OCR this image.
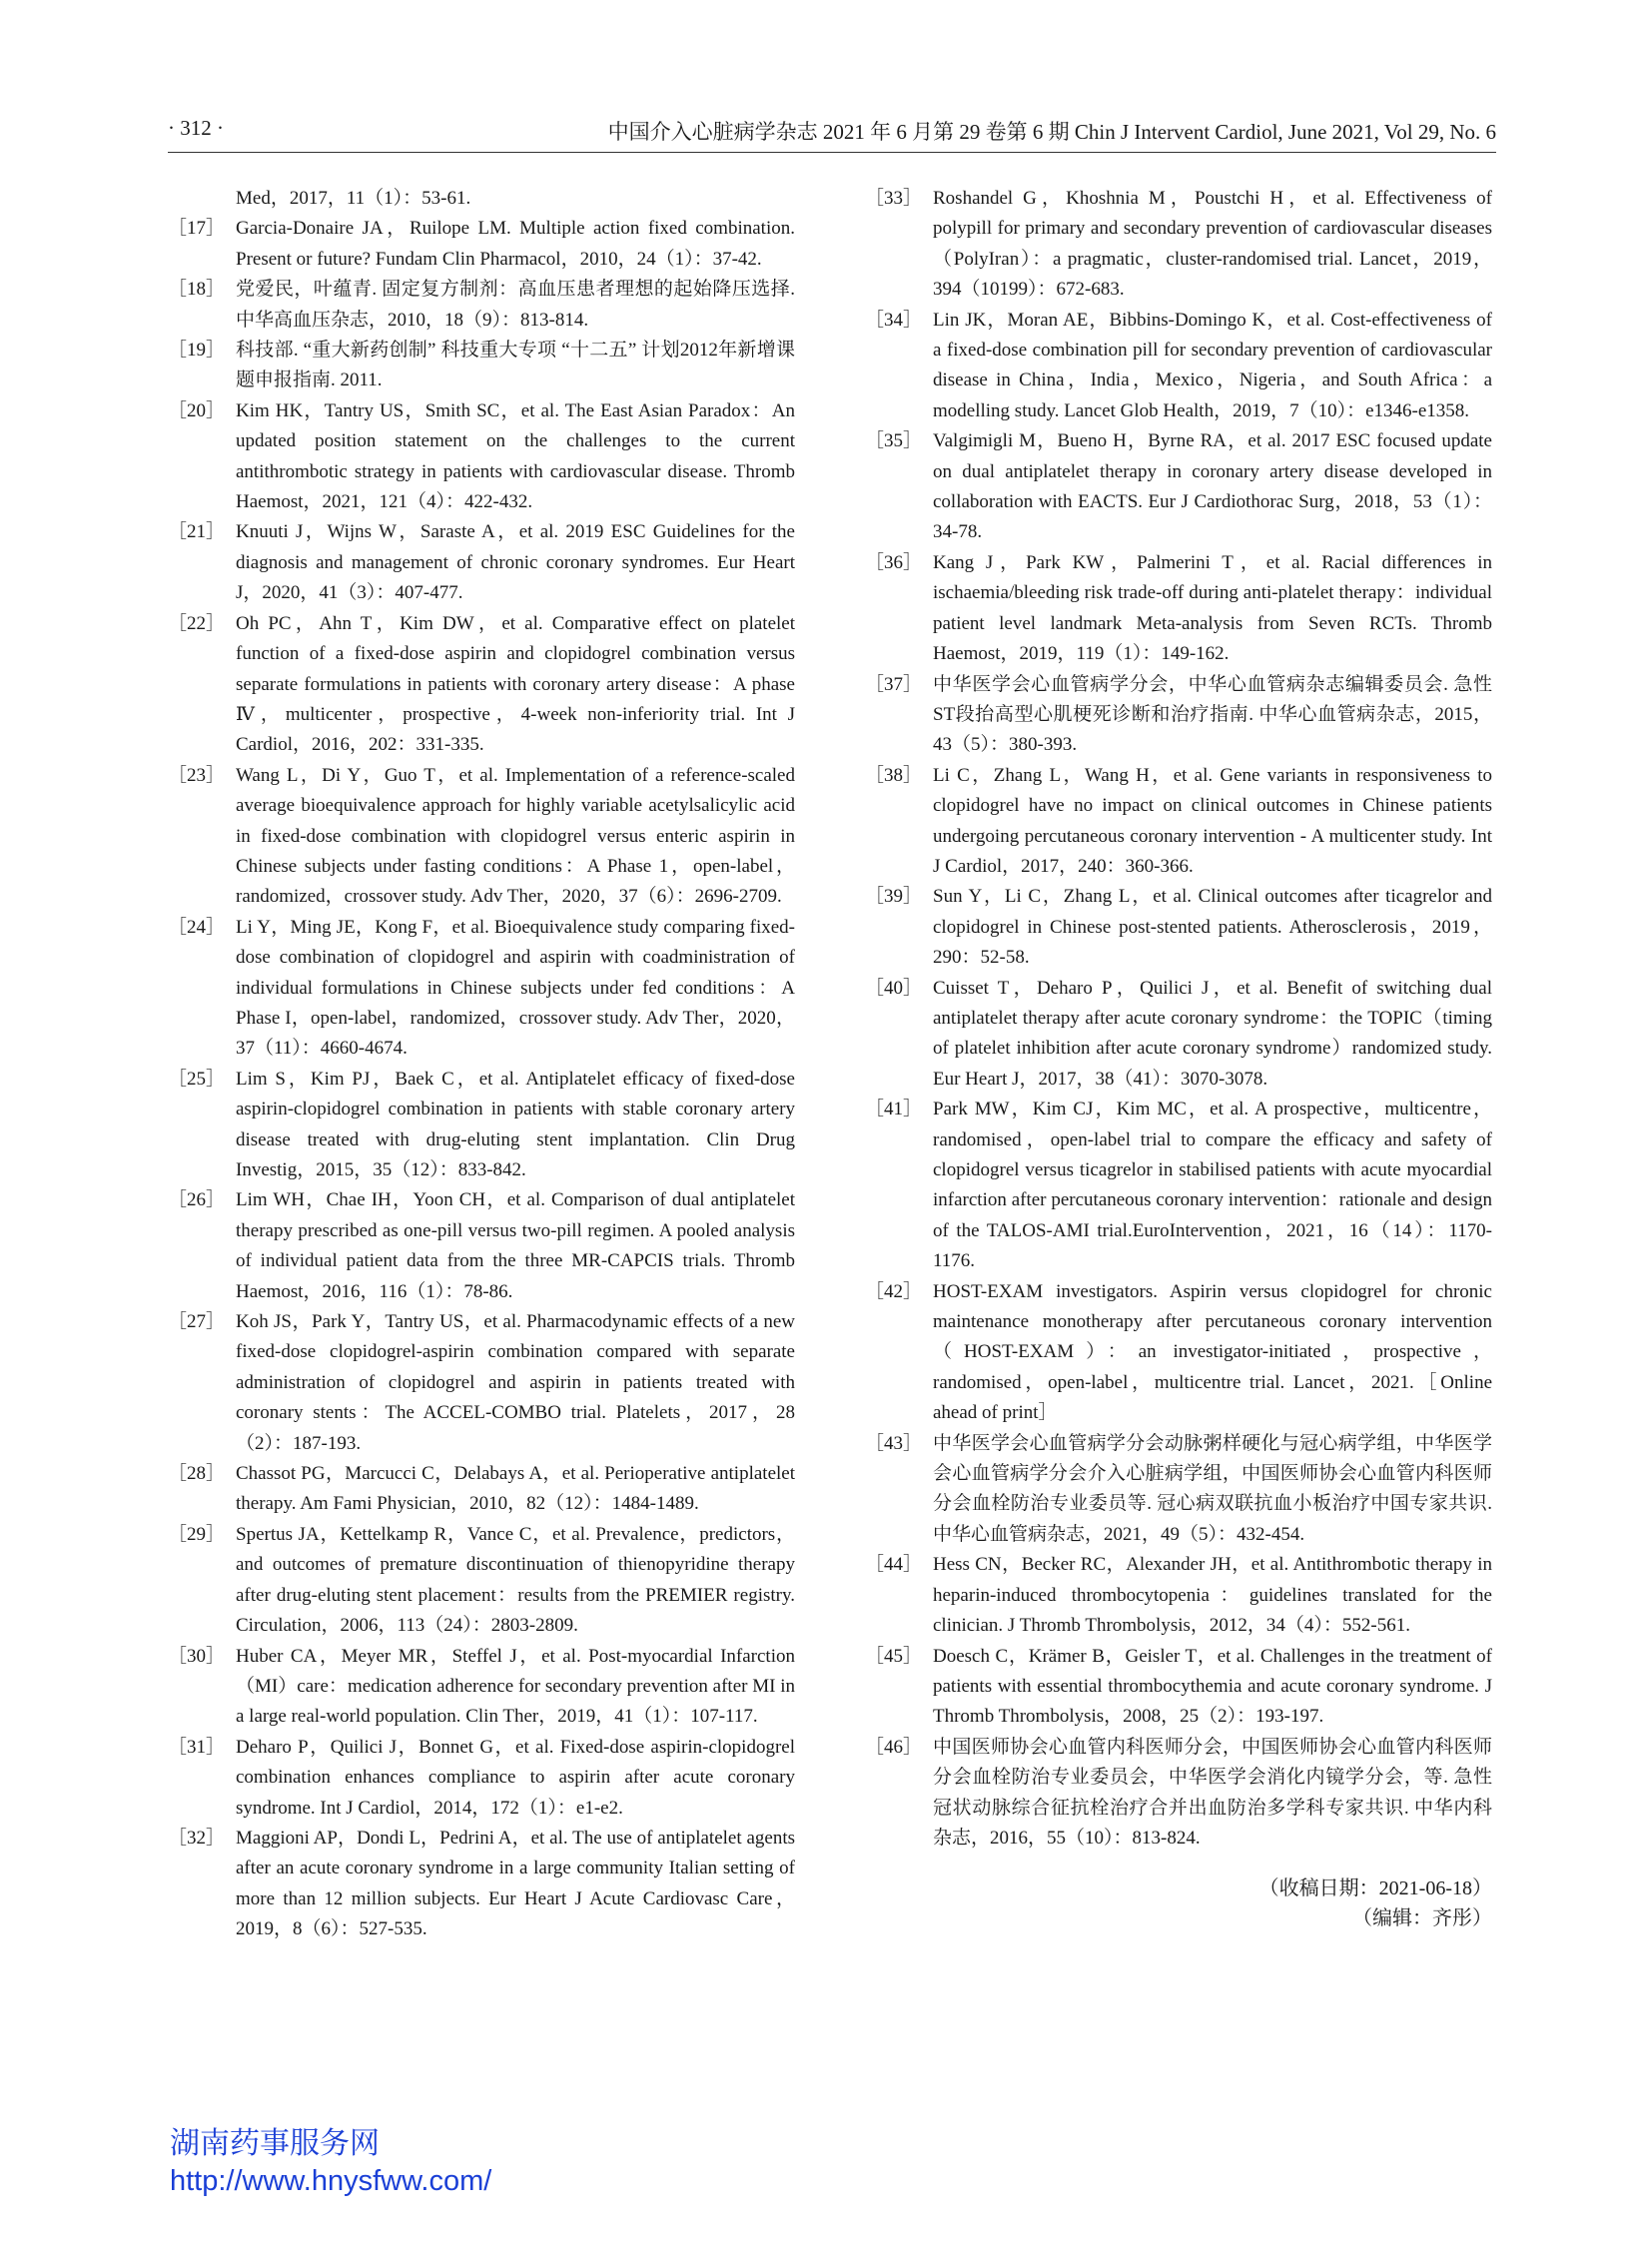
· 312 ·	中国介入心脏病学杂志 2021 年 6 月第 29 卷第 6 期 Chin J Intervent Cardiol, June 2021, Vol 29, No. 6
Med，2017，11（1）：53-61.
［17］ Garcia-Donaire JA，Ruilope LM. Multiple action fixed combination. Present or future? Fundam Clin Pharmacol，2010，24（1）：37-42.
［18］ 党爱民，叶蕴青. 固定复方制剂：高血压患者理想的起始降压选择. 中华高血压杂志，2010，18（9）：813-814.
［19］ 科技部. “重大新药创制” 科技重大专项 “十二五” 计划2012年新增课题申报指南. 2011.
［20］ Kim HK，Tantry US，Smith SC，et al. The East Asian Paradox：An updated position statement on the challenges to the current antithrombotic strategy in patients with cardiovascular disease. Thromb Haemost，2021，121（4）：422-432.
［21］ Knuuti J，Wijns W，Saraste A，et al. 2019 ESC Guidelines for the diagnosis and management of chronic coronary syndromes. Eur Heart J，2020，41（3）：407-477.
［22］ Oh PC，Ahn T，Kim DW，et al. Comparative effect on platelet function of a fixed-dose aspirin and clopidogrel combination versus separate formulations in patients with coronary artery disease：A phase Ⅳ，multicenter，prospective，4-week non-inferiority trial. Int J Cardiol，2016，202：331-335.
［23］ Wang L，Di Y，Guo T，et al. Implementation of a reference-scaled average bioequivalence approach for highly variable acetylsalicylic acid in fixed-dose combination with clopidogrel versus enteric aspirin in Chinese subjects under fasting conditions：A Phase 1，open-label，randomized，crossover study. Adv Ther，2020，37（6）：2696-2709.
［24］ Li Y，Ming JE，Kong F，et al. Bioequivalence study comparing fixed-dose combination of clopidogrel and aspirin with coadministration of individual formulations in Chinese subjects under fed conditions：A Phase I，open-label，randomized，crossover study. Adv Ther，2020，37（11）：4660-4674.
［25］ Lim S，Kim PJ，Baek C，et al. Antiplatelet efficacy of fixed-dose aspirin-clopidogrel combination in patients with stable coronary artery disease treated with drug-eluting stent implantation. Clin Drug Investig，2015，35（12）：833-842.
［26］ Lim WH，Chae IH，Yoon CH，et al. Comparison of dual antiplatelet therapy prescribed as one-pill versus two-pill regimen. A pooled analysis of individual patient data from the three MR-CAPCIS trials. Thromb Haemost，2016，116（1）：78-86.
［27］ Koh JS，Park Y，Tantry US，et al. Pharmacodynamic effects of a new fixed-dose clopidogrel-aspirin combination compared with separate administration of clopidogrel and aspirin in patients treated with coronary stents：The ACCEL-COMBO trial. Platelets，2017，28（2）：187-193.
［28］ Chassot PG，Marcucci C，Delabays A，et al. Perioperative antiplatelet therapy. Am Fami Physician，2010，82（12）：1484-1489.
［29］ Spertus JA，Kettelkamp R，Vance C，et al. Prevalence，predictors，and outcomes of premature discontinuation of thienopyridine therapy after drug-eluting stent placement：results from the PREMIER registry. Circulation，2006，113（24）：2803-2809.
［30］ Huber CA，Meyer MR，Steffel J，et al. Post-myocardial Infarction（MI）care：medication adherence for secondary prevention after MI in a large real-world population. Clin Ther，2019，41（1）：107-117.
［31］ Deharo P，Quilici J，Bonnet G，et al. Fixed-dose aspirin-clopidogrel combination enhances compliance to aspirin after acute coronary syndrome. Int J Cardiol，2014，172（1）：e1-e2.
［32］ Maggioni AP，Dondi L，Pedrini A，et al. The use of antiplatelet agents after an acute coronary syndrome in a large community Italian setting of more than 12 million subjects. Eur Heart J Acute Cardiovasc Care，2019，8（6）：527-535.
［33］ Roshandel G，Khoshnia M，Poustchi H，et al. Effectiveness of polypill for primary and secondary prevention of cardiovascular diseases（PolyIran）：a pragmatic，cluster-randomised trial. Lancet，2019，394（10199）：672-683.
［34］ Lin JK，Moran AE，Bibbins-Domingo K，et al. Cost-effectiveness of a fixed-dose combination pill for secondary prevention of cardiovascular disease in China，India，Mexico，Nigeria，and South Africa：a modelling study. Lancet Glob Health，2019，7（10）：e1346-e1358.
［35］ Valgimigli M，Bueno H，Byrne RA，et al. 2017 ESC focused update on dual antiplatelet therapy in coronary artery disease developed in collaboration with EACTS. Eur J Cardiothorac Surg，2018，53（1）：34-78.
［36］ Kang J，Park KW，Palmerini T，et al. Racial differences in ischaemia/bleeding risk trade-off during anti-platelet therapy：individual patient level landmark Meta-analysis from Seven RCTs. Thromb Haemost，2019，119（1）：149-162.
［37］ 中华医学会心血管病学分会，中华心血管病杂志编辑委员会. 急性ST段抬高型心肌梗死诊断和治疗指南. 中华心血管病杂志，2015，43（5）：380-393.
［38］ Li C，Zhang L，Wang H，et al. Gene variants in responsiveness to clopidogrel have no impact on clinical outcomes in Chinese patients undergoing percutaneous coronary intervention - A multicenter study. Int J Cardiol，2017，240：360-366.
［39］ Sun Y，Li C，Zhang L，et al. Clinical outcomes after ticagrelor and clopidogrel in Chinese post-stented patients. Atherosclerosis，2019，290：52-58.
［40］ Cuisset T，Deharo P，Quilici J，et al. Benefit of switching dual antiplatelet therapy after acute coronary syndrome：the TOPIC（timing of platelet inhibition after acute coronary syndrome）randomized study. Eur Heart J，2017，38（41）：3070-3078.
［41］ Park MW，Kim CJ，Kim MC，et al. A prospective，multicentre，randomised，open-label trial to compare the efficacy and safety of clopidogrel versus ticagrelor in stabilised patients with acute myocardial infarction after percutaneous coronary intervention：rationale and design of the TALOS-AMI trial.EuroIntervention，2021，16（14）：1170-1176.
［42］ HOST-EXAM investigators. Aspirin versus clopidogrel for chronic maintenance monotherapy after percutaneous coronary intervention（HOST-EXAM）：an investigator-initiated，prospective，randomised，open-label，multicentre trial. Lancet，2021.［Online ahead of print］
［43］ 中华医学会心血管病学分会动脉粥样硬化与冠心病学组，中华医学会心血管病学分会介入心脏病学组，中国医师协会心血管内科医师分会血栓防治专业委员等. 冠心病双联抗血小板治疗中国专家共识. 中华心血管病杂志，2021，49（5）：432-454.
［44］ Hess CN，Becker RC，Alexander JH，et al. Antithrombotic therapy in heparin-induced thrombocytopenia：guidelines translated for the clinician. J Thromb Thrombolysis，2012，34（4）：552-561.
［45］ Doesch C，Krämer B，Geisler T，et al. Challenges in the treatment of patients with essential thrombocythemia and acute coronary syndrome. J Thromb Thrombolysis，2008，25（2）：193-197.
［46］ 中国医师协会心血管内科医师分会，中国医师协会心血管内科医师分会血栓防治专业委员会，中华医学会消化内镜学分会，等. 急性冠状动脉综合征抗栓治疗合并出血防治多学科专家共识. 中华内科杂志，2016，55（10）：813-824.
（收稿日期：2021-06-18）
（编辑：齐彤）
湖南药事服务网
http://www.hnysfww.com/
